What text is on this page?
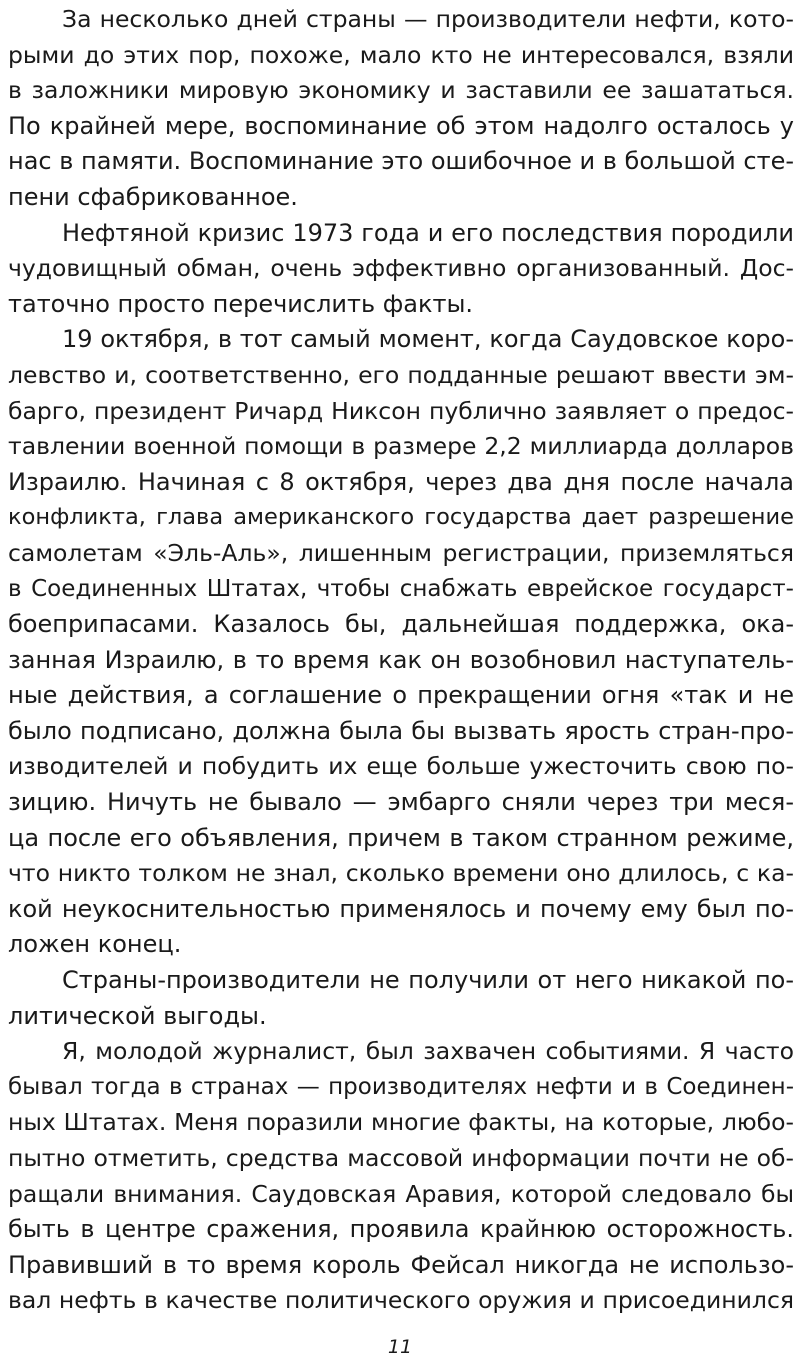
За несколько дней страны — производители нефти, кото-
рыми до этих пор, похоже, мало кто не интересовался, взяли
в заложники мировую экономику и заставили ее зашататься.
По крайней мере, воспоминание об этом надолго осталось у
нас в памяти. Воспоминание это ошибочное и в большой сте-
пени сфабрикованное.
Нефтяной кризис 1973 года и его последствия породили
чудовищный обман, очень эффективно организованный. Дос-
таточно просто перечислить факты.
19 октября, в тот самый момент, когда Саудовское коро-
левство и, соответственно, его подданные решают ввести эм-
барго, президент Ричард Никсон публично заявляет о предос-
тавлении военной помощи в размере 2,2 миллиарда долларов
Израилю. Начиная с 8 октября, через два дня после начала
конфликта, глава американского государства дает разрешение
самолетам «Эль-Аль», лишенным регистрации, приземляться
в Соединенных Штатах, чтобы снабжать еврейское государст-
боеприпасами. Казалось бы, дальнейшая поддержка, ока-
занная Израилю, в то время как он возобновил наступатель-
ные действия, а соглашение о прекращении огня «так и не
было подписано, должна была бы вызвать ярость стран-про-
изводителей и побудить их еще больше ужесточить свою по-
зицию. Ничуть не бывало — эмбарго сняли через три меся-
ца после его объявления, причем в таком странном режиме,
что никто толком не знал, сколько времени оно длилось, с ка-
кой неукоснительностью применялось и почему ему был по-
ложен конец.
Страны-производители не получили от него никакой по-
литической выгоды.
Я, молодой журналист, был захвачен событиями. Я часто
бывал тогда в странах — производителях нефти и в Соединен-
ных Штатах. Меня поразили многие факты, на которые, любо-
пытно отметить, средства массовой информации почти не об-
ращали внимания. Саудовская Аравия, которой следовало бы
быть в центре сражения, проявила крайнюю осторожность.
Правивший в то время король Фейсал никогда не использо-
вал нефть в качестве политического оружия и присоединился
11
